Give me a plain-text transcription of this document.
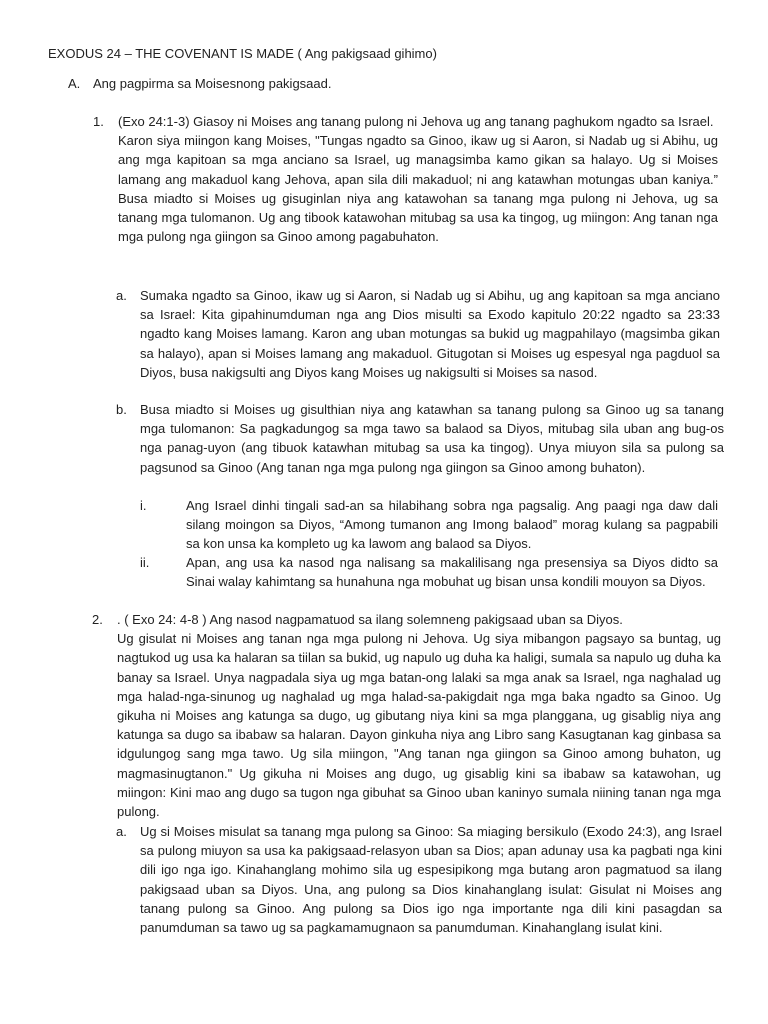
EXODUS 24 – THE COVENANT IS MADE ( Ang pakigsaad gihimo)
A. Ang pagpirma sa Moisesnong pakigsaad.
1. (Exo 24:1-3) Giasoy ni Moises ang tanang pulong ni Jehova ug ang tanang paghukom ngadto sa Israel.

Karon siya miingon kang Moises, "Tungas ngadto sa Ginoo, ikaw ug si Aaron, si Nadab ug si Abihu, ug ang mga kapitoan sa mga anciano sa Israel, ug managsimba kamo gikan sa halayo. Ug si Moises lamang ang makaduol kang Jehova, apan sila dili makaduol; ni ang katawhan motungas uban kaniya.” Busa miadto si Moises ug gisuginlan niya ang katawohan sa tanang mga pulong ni Jehova, ug sa tanang mga tulomanon. Ug ang tibook katawohan mitubag sa usa ka tingog, ug miingon: Ang tanan nga mga pulong nga giingon sa Ginoo among pagabuhaton.

a. Sumaka ngadto sa Ginoo, ikaw ug si Aaron, si Nadab ug si Abihu, ug ang kapitoan sa mga anciano sa Israel: Kita gipahinumduman nga ang Dios misulti sa Exodo kapitulo 20:22 ngadto sa 23:33 ngadto kang Moises lamang. Karon ang uban motungas sa bukid ug magpahilayo (magsimba gikan sa halayo), apan si Moises lamang ang makaduol. Gitugotan si Moises ug espesyal nga pagduol sa Diyos, busa nakigsulti ang Diyos kang Moises ug nakigsulti si Moises sa nasod.

b. Busa miadto si Moises ug gisulthian niya ang katawhan sa tanang pulong sa Ginoo ug sa tanang mga tulomanon: Sa pagkadungog sa mga tawo sa balaod sa Diyos, mitubag sila uban ang bug-os nga panag-uyon (ang tibuok katawhan mitubag sa usa ka tingog). Unya miuyon sila sa pulong sa pagsunod sa Ginoo (Ang tanan nga mga pulong nga giingon sa Ginoo among buhaton).

i.	Ang Israel dinhi tingali sad-an sa hilabihang sobra nga pagsalig. Ang paagi nga daw dali silang moingon sa Diyos, “Among tumanon ang Imong balaod” morag kulang sa pagpabili sa kon unsa ka kompleto ug ka lawom ang balaod sa Diyos.

ii.	Apan, ang usa ka nasod nga nalisang sa makalilisang nga presensiya sa Diyos didto sa Sinai walay kahimtang sa hunahuna nga mobuhat ug bisan unsa kondili mouyon sa Diyos.

2. . ( Exo 24: 4-8 ) Ang nasod nagpamatuod sa ilang solemneng pakigsaad uban sa Diyos.

Ug gisulat ni Moises ang tanan nga mga pulong ni Jehova. Ug siya mibangon pagsayo sa buntag, ug nagtukod ug usa ka halaran sa tiilan sa bukid, ug napulo ug duha ka haligi, sumala sa napulo ug duha ka banay sa Israel. Unya nagpadala siya ug mga batan-ong lalaki sa mga anak sa Israel, nga naghalad ug mga halad-nga-sinunog ug naghalad ug mga halad-sa-pakigdait nga mga baka ngadto sa Ginoo. Ug gikuha ni Moises ang katunga sa dugo, ug gibutang niya kini sa mga planggana, ug gisablig niya ang katunga sa dugo sa ibabaw sa halaran. Dayon ginkuha niya ang Libro sang Kasugtanan kag ginbasa sa idgulungog sang mga tawo. Ug sila miingon, "Ang tanan nga giingon sa Ginoo among buhaton, ug magmasinugtanon." Ug gikuha ni Moises ang dugo, ug gisablig kini sa ibabaw sa katawohan, ug miingon: Kini mao ang dugo sa tugon nga gibuhat sa Ginoo uban kaninyo sumala niining tanan nga mga pulong.

a. Ug si Moises misulat sa tanang mga pulong sa Ginoo: Sa miaging bersikulo (Exodo 24:3), ang Israel sa pulong miuyon sa usa ka pakigsaad-relasyon uban sa Dios; apan adunay usa ka pagbati nga kini dili igo nga igo. Kinahanglang mohimo sila ug espesipikong mga butang aron pagmatuod sa ilang pakigsaad uban sa Diyos. Una, ang pulong sa Dios kinahanglang isulat: Gisulat ni Moises ang tanang pulong sa Ginoo. Ang pulong sa Dios igo nga importante nga dili kini pasagdan sa panumduman sa tawo ug sa pagkamamugnaon sa panumduman. Kinahanglang isulat kini.
